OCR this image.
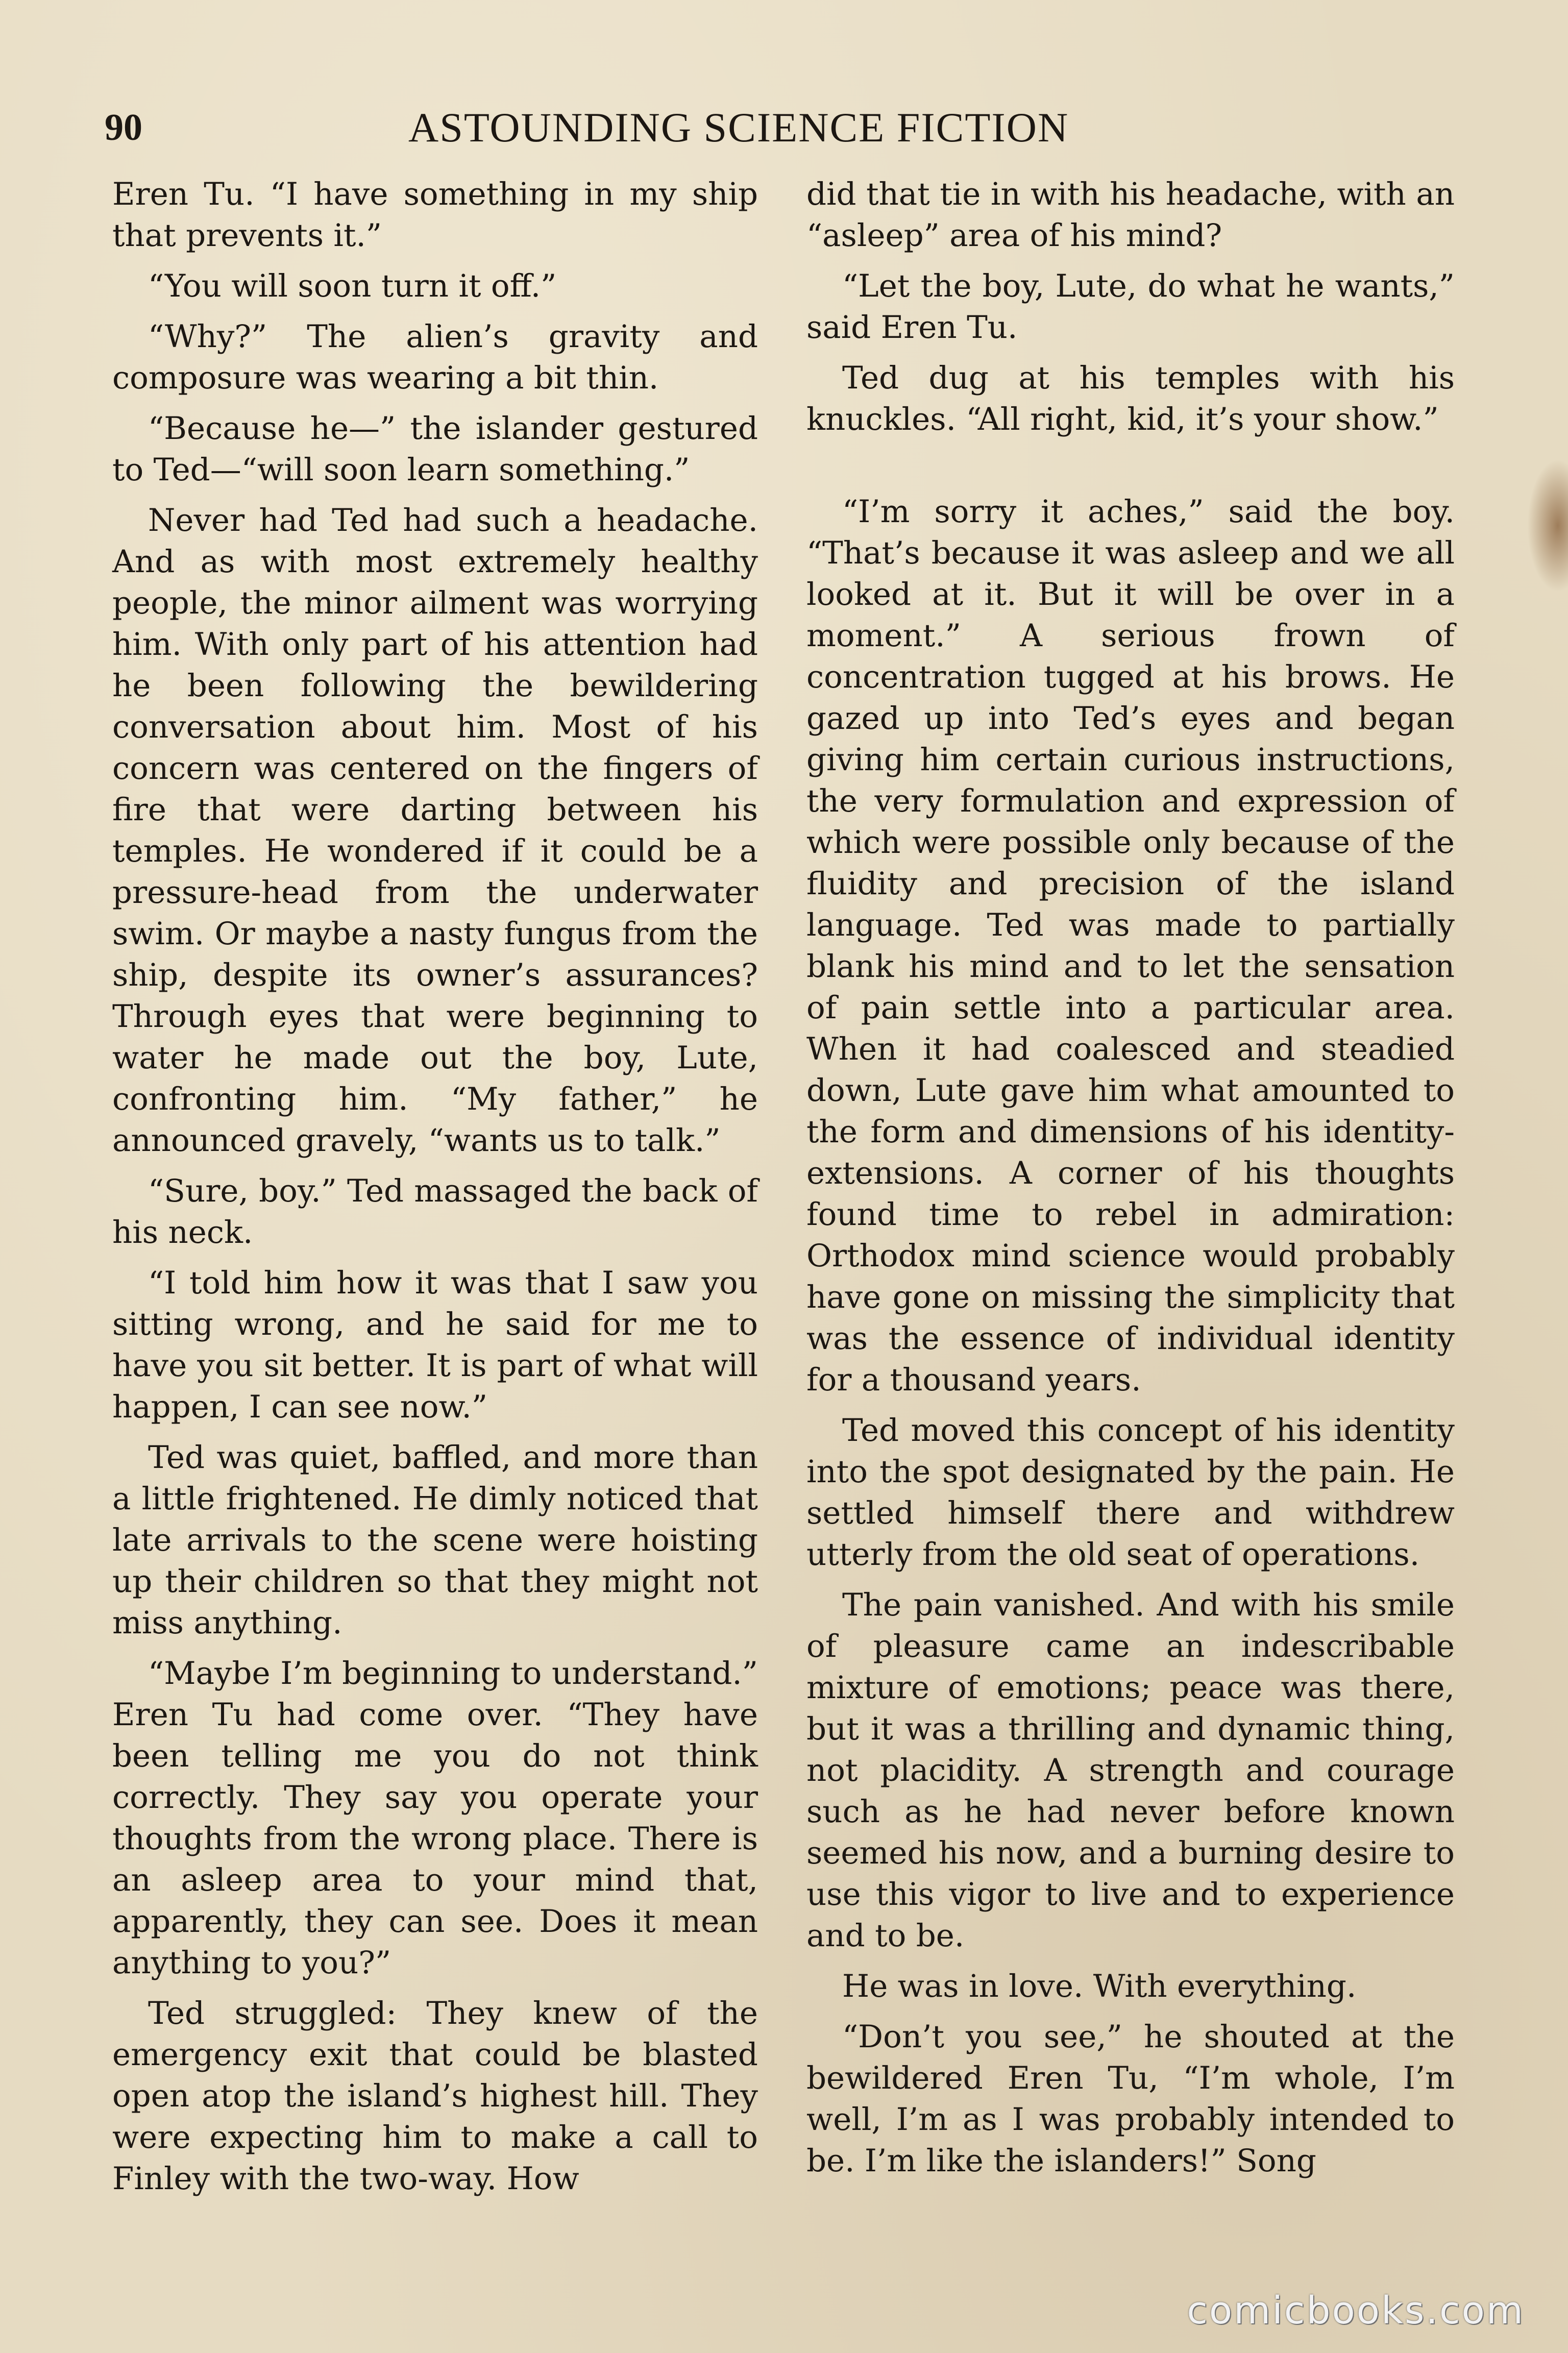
90	ASTOUNDING SCIENCE FICTION

Eren Tu. “I have something in my ship that prevents it.”

“You will soon turn it off.”

“Why?” The alien’s gravity and composure was wearing a bit thin.

“Because he—” the islander gestured to Ted—“will soon learn something.”

Never had Ted had such a headache. And as with most extremely healthy people, the minor ailment was worrying him. With only part of his attention had he been following the bewildering conversation about him. Most of his concern was centered on the fingers of fire that were darting between his temples. He wondered if it could be a pressure-head from the underwater swim. Or maybe a nasty fungus from the ship, despite its owner’s assurances? Through eyes that were beginning to water he made out the boy, Lute, confronting him. “My father,” he announced gravely, “wants us to talk.”

“Sure, boy.” Ted massaged the back of his neck.

“I told him how it was that I saw you sitting wrong, and he said for me to have you sit better. It is part of what will happen, I can see now.”

Ted was quiet, baffled, and more than a little frightened. He dimly noticed that late arrivals to the scene were hoisting up their children so that they might not miss anything.

“Maybe I’m beginning to understand.” Eren Tu had come over. “They have been telling me you do not think correctly. They say you operate your thoughts from the wrong place. There is an asleep area to your mind that, apparently, they can see. Does it mean anything to you?”

Ted struggled: They knew of the emergency exit that could be blasted open atop the island’s highest hill. They were expecting him to make a call to Finley with the two-way. How

did that tie in with his headache, with an “asleep” area of his mind?

“Let the boy, Lute, do what he wants,” said Eren Tu.

Ted dug at his temples with his knuckles. “All right, kid, it’s your show.”

“I’m sorry it aches,” said the boy. “That’s because it was asleep and we all looked at it. But it will be over in a moment.” A serious frown of concentration tugged at his brows. He gazed up into Ted’s eyes and began giving him certain curious instructions, the very formulation and expression of which were possible only because of the fluidity and precision of the island language. Ted was made to partially blank his mind and to let the sensation of pain settle into a particular area. When it had coalesced and steadied down, Lute gave him what amounted to the form and dimensions of his identity-extensions. A corner of his thoughts found time to rebel in admiration: Orthodox mind science would probably have gone on missing the simplicity that was the essence of individual identity for a thousand years.

Ted moved this concept of his identity into the spot designated by the pain. He settled himself there and withdrew utterly from the old seat of operations.

The pain vanished. And with his smile of pleasure came an indescribable mixture of emotions; peace was there, but it was a thrilling and dynamic thing, not placidity. A strength and courage such as he had never before known seemed his now, and a burning desire to use this vigor to live and to experience and to be.

He was in love. With everything.

“Don’t you see,” he shouted at the bewildered Eren Tu, “I’m whole, I’m well, I’m as I was probably intended to be. I’m like the islanders!” Song

comicbooks.com
